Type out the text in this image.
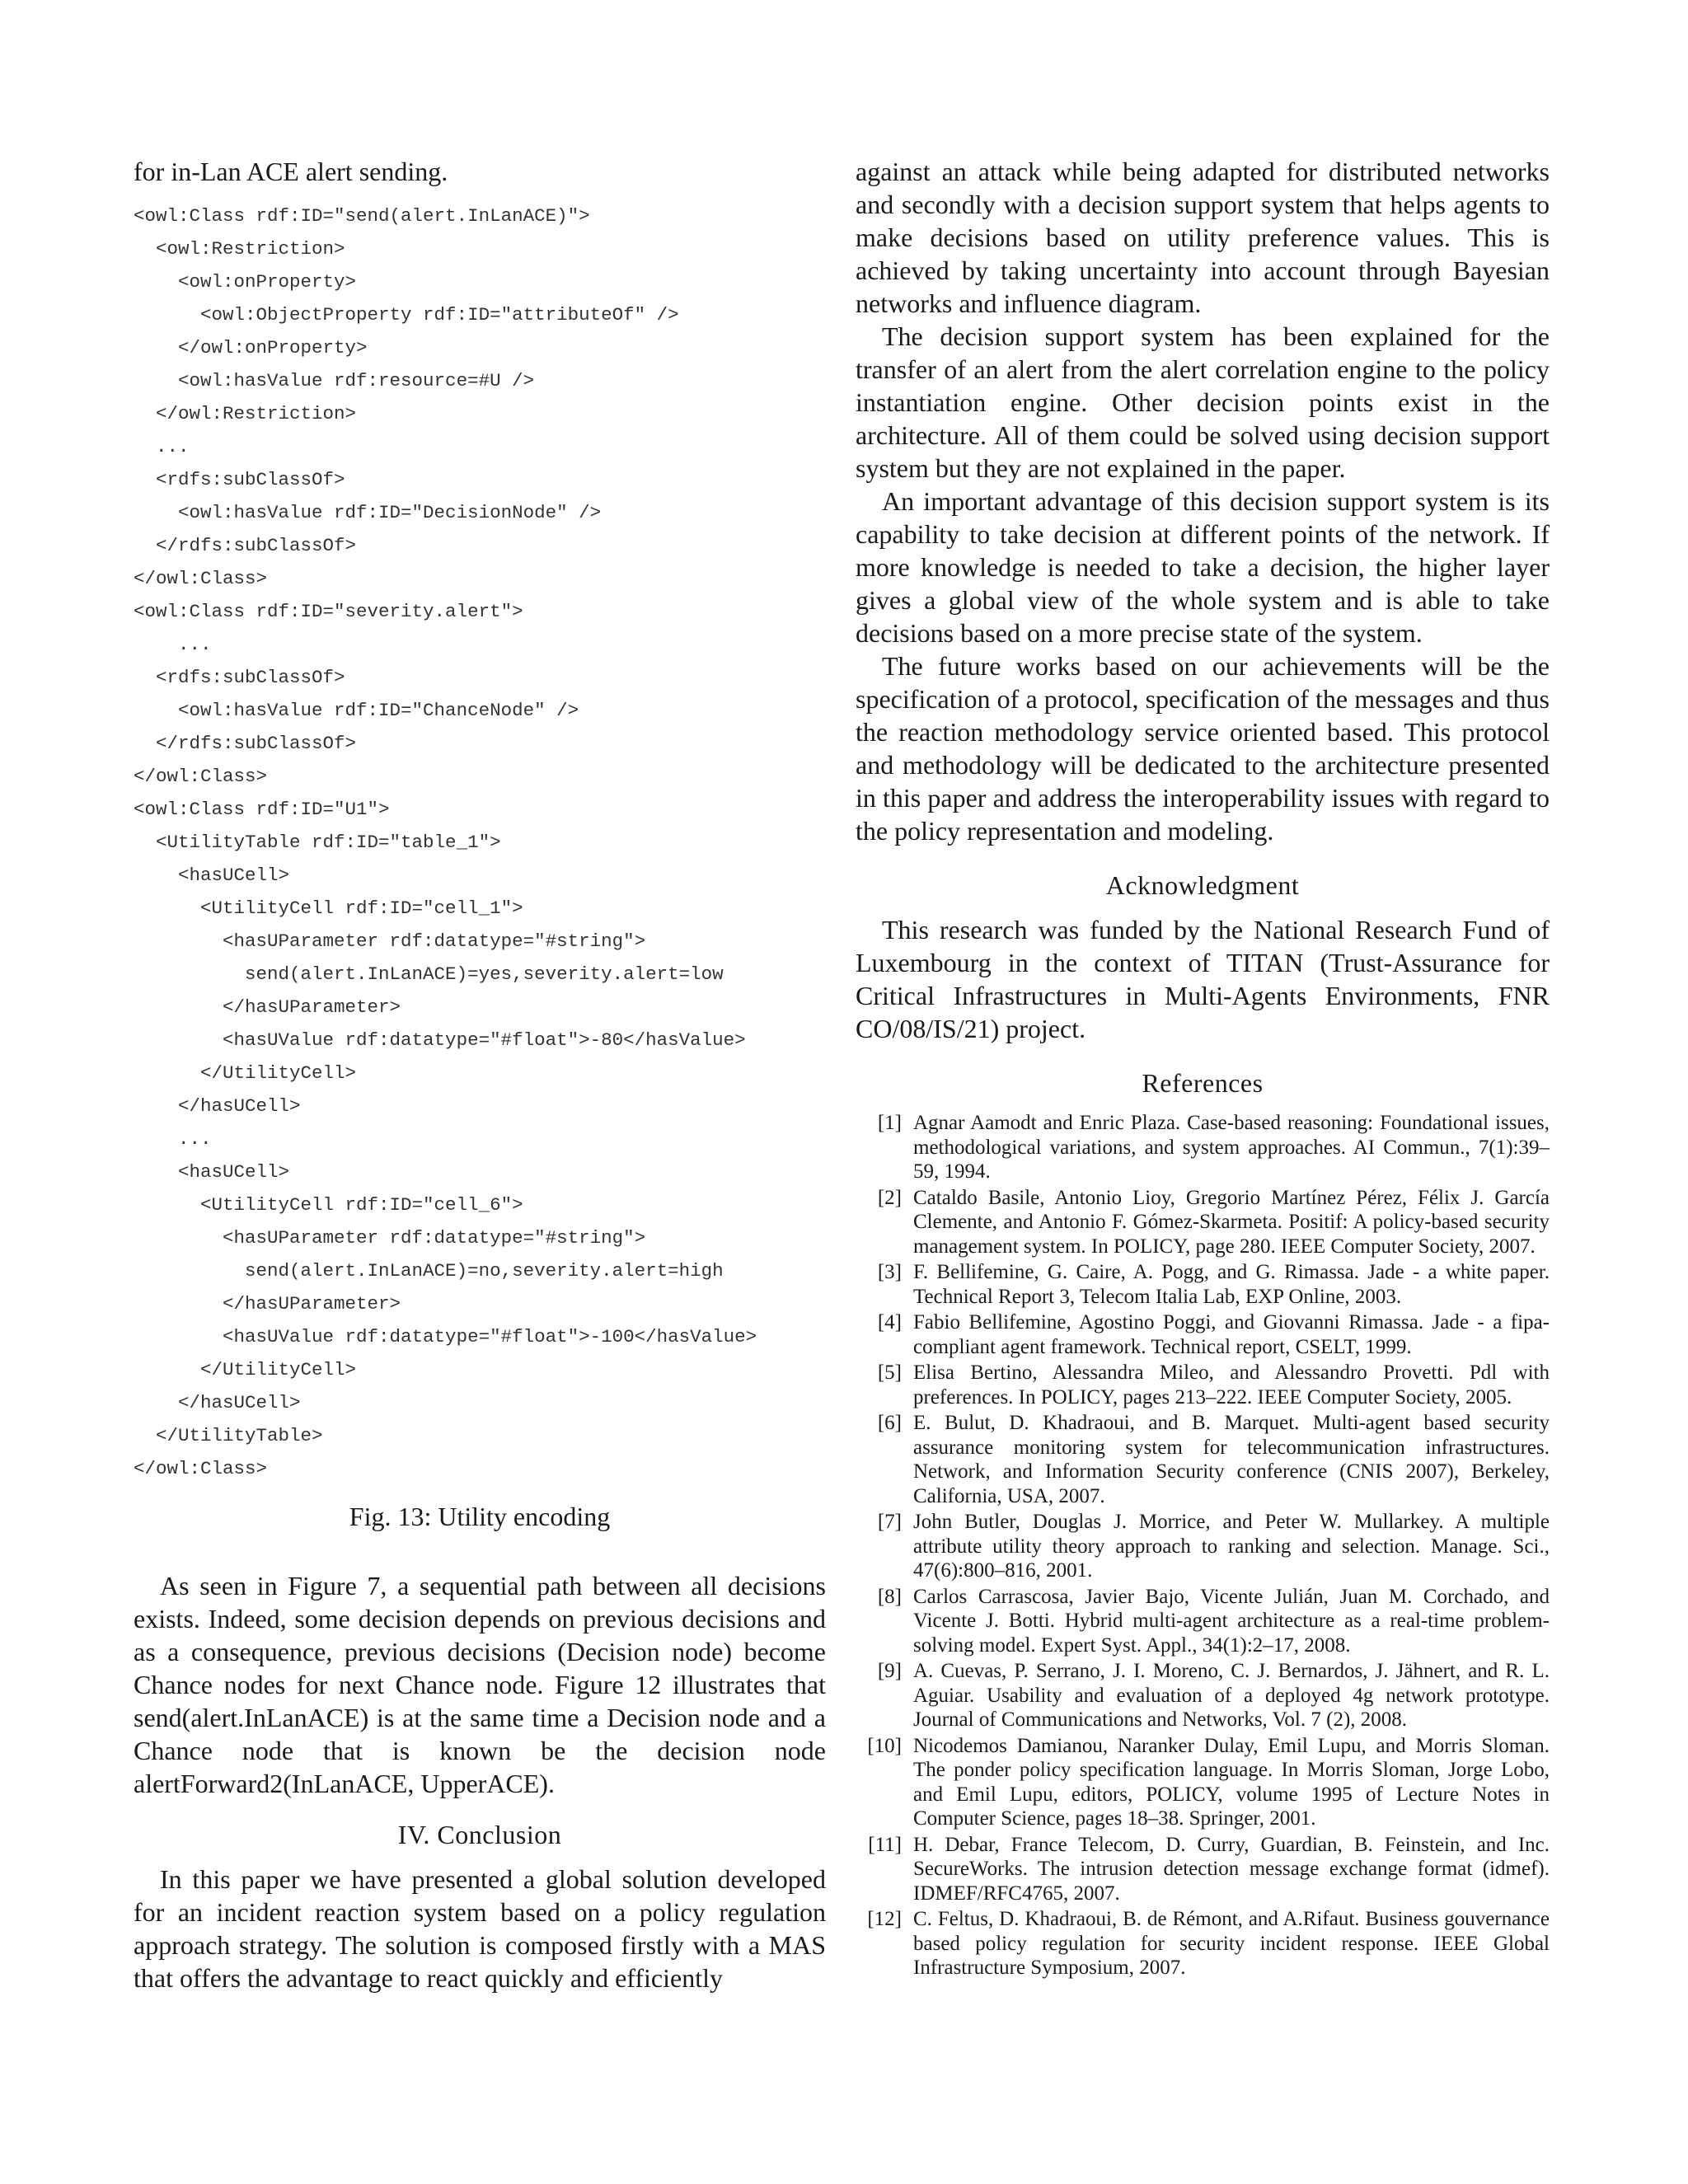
for in-Lan ACE alert sending.
<owl:Class rdf:ID="send(alert.InLanACE)">
<owl:Restriction>
<owl:onProperty>
<owl:ObjectProperty rdf:ID="attributeOf" />
</owl:onProperty>
<owl:hasValue rdf:resource=#U />
</owl:Restriction>
...
<rdfs:subClassOf>
<owl:hasValue rdf:ID="DecisionNode" />
</rdfs:subClassOf>
</owl:Class>
<owl:Class rdf:ID="severity.alert">
...
<rdfs:subClassOf>
<owl:hasValue rdf:ID="ChanceNode" />
</rdfs:subClassOf>
</owl:Class>
<owl:Class rdf:ID="U1">
<UtilityTable rdf:ID="table_1">
<hasUCell>
<UtilityCell rdf:ID="cell_1">
<hasUParameter rdf:datatype="#string">
send(alert.InLanACE)=yes,severity.alert=low
</hasUParameter>
<hasUValue rdf:datatype="#float">-80</hasValue>
</UtilityCell>
</hasUCell>
...
<hasUCell>
<UtilityCell rdf:ID="cell_6">
<hasUParameter rdf:datatype="#string">
send(alert.InLanACE)=no,severity.alert=high
</hasUParameter>
<hasUValue rdf:datatype="#float">-100</hasValue>
</UtilityCell>
</hasUCell>
</UtilityTable>
</owl:Class>
Fig. 13: Utility encoding

As seen in Figure 7, a sequential path between all decisions exists. Indeed, some decision depends on previous decisions and as a consequence, previous decisions (Decision node) become Chance nodes for next Chance node. Figure 12 illustrates that send(alert.InLanACE) is at the same time a Decision node and a Chance node that is known be the decision node alertForward2(InLanACE, UpperACE).

IV. Conclusion

In this paper we have presented a global solution developed for an incident reaction system based on a policy regulation approach strategy. The solution is composed firstly with a MAS that offers the advantage to react quickly and efficiently

against an attack while being adapted for distributed networks and secondly with a decision support system that helps agents to make decisions based on utility preference values. This is achieved by taking uncertainty into account through Bayesian networks and influence diagram.

The decision support system has been explained for the transfer of an alert from the alert correlation engine to the policy instantiation engine. Other decision points exist in the architecture. All of them could be solved using decision support system but they are not explained in the paper.

An important advantage of this decision support system is its capability to take decision at different points of the network. If more knowledge is needed to take a decision, the higher layer gives a global view of the whole system and is able to take decisions based on a more precise state of the system.

The future works based on our achievements will be the specification of a protocol, specification of the messages and thus the reaction methodology service oriented based. This protocol and methodology will be dedicated to the architecture presented in this paper and address the interoperability issues with regard to the policy representation and modeling.

Acknowledgment

This research was funded by the National Research Fund of Luxembourg in the context of TITAN (Trust-Assurance for Critical Infrastructures in Multi-Agents Environments, FNR CO/08/IS/21) project.

References
[1] Agnar Aamodt and Enric Plaza. Case-based reasoning: Foundational issues, methodological variations, and system approaches. AI Commun., 7(1):39–59, 1994.
[2] Cataldo Basile, Antonio Lioy, Gregorio Martínez Pérez, Félix J. García Clemente, and Antonio F. Gómez-Skarmeta. Positif: A policy-based security management system. In POLICY, page 280. IEEE Computer Society, 2007.
[3] F. Bellifemine, G. Caire, A. Pogg, and G. Rimassa. Jade - a white paper. Technical Report 3, Telecom Italia Lab, EXP Online, 2003.
[4] Fabio Bellifemine, Agostino Poggi, and Giovanni Rimassa. Jade - a fipa-compliant agent framework. Technical report, CSELT, 1999.
[5] Elisa Bertino, Alessandra Mileo, and Alessandro Provetti. Pdl with preferences. In POLICY, pages 213–222. IEEE Computer Society, 2005.
[6] E. Bulut, D. Khadraoui, and B. Marquet. Multi-agent based security assurance monitoring system for telecommunication infrastructures. Network, and Information Security conference (CNIS 2007), Berkeley, California, USA, 2007.
[7] John Butler, Douglas J. Morrice, and Peter W. Mullarkey. A multiple attribute utility theory approach to ranking and selection. Manage. Sci., 47(6):800–816, 2001.
[8] Carlos Carrascosa, Javier Bajo, Vicente Julián, Juan M. Corchado, and Vicente J. Botti. Hybrid multi-agent architecture as a real-time problem-solving model. Expert Syst. Appl., 34(1):2–17, 2008.
[9] A. Cuevas, P. Serrano, J. I. Moreno, C. J. Bernardos, J. Jähnert, and R. L. Aguiar. Usability and evaluation of a deployed 4g network prototype. Journal of Communications and Networks, Vol. 7 (2), 2008.
[10] Nicodemos Damianou, Naranker Dulay, Emil Lupu, and Morris Sloman. The ponder policy specification language. In Morris Sloman, Jorge Lobo, and Emil Lupu, editors, POLICY, volume 1995 of Lecture Notes in Computer Science, pages 18–38. Springer, 2001.
[11] H. Debar, France Telecom, D. Curry, Guardian, B. Feinstein, and Inc. SecureWorks. The intrusion detection message exchange format (idmef). IDMEF/RFC4765, 2007.
[12] C. Feltus, D. Khadraoui, B. de Rémont, and A.Rifaut. Business gouvernance based policy regulation for security incident response. IEEE Global Infrastructure Symposium, 2007.
